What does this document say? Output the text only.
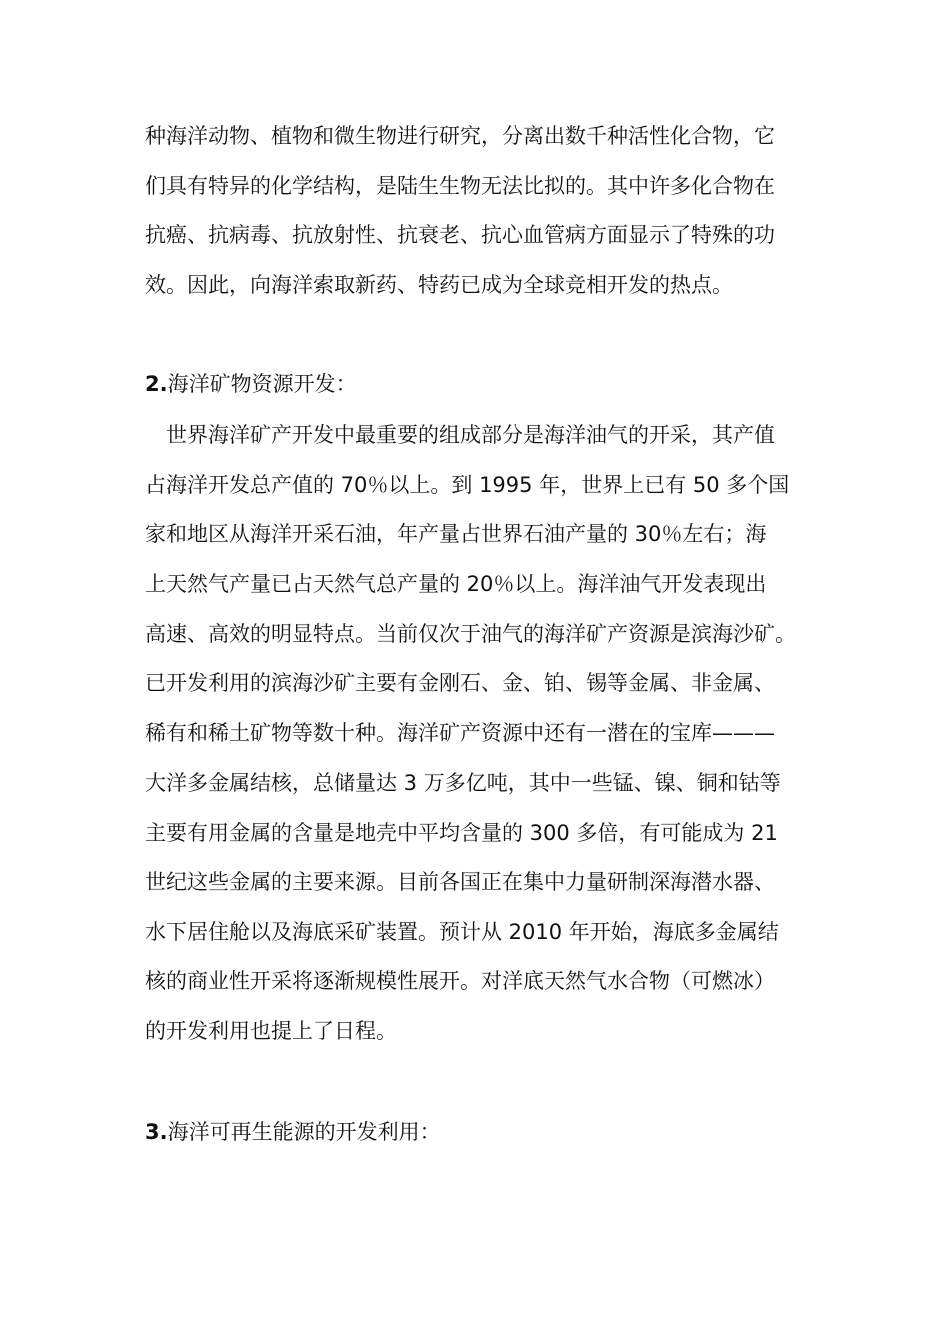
种海洋动物、植物和微生物进行研究，分离出数千种活性化合物，它
们具有特异的化学结构，是陆生生物无法比拟的。其中许多化合物在
抗癌、抗病毒、抗放射性、抗衰老、抗心血管病方面显示了特殊的功
效。因此，向海洋索取新药、特药已成为全球竞相开发的热点。
2.海洋矿物资源开发：
世界海洋矿产开发中最重要的组成部分是海洋油气的开采，其产值
占海洋开发总产值的 70％以上。到 1995 年，世界上已有 50 多个国
家和地区从海洋开采石油，年产量占世界石油产量的 30％左右；海
上天然气产量已占天然气总产量的 20％以上。海洋油气开发表现出
高速、高效的明显特点。当前仅次于油气的海洋矿产资源是滨海沙矿。
已开发利用的滨海沙矿主要有金刚石、金、铂、锡等金属、非金属、
稀有和稀土矿物等数十种。海洋矿产资源中还有一潜在的宝库———
大洋多金属结核，总储量达 3 万多亿吨，其中一些锰、镍、铜和钴等
主要有用金属的含量是地壳中平均含量的 300 多倍，有可能成为 21
世纪这些金属的主要来源。目前各国正在集中力量研制深海潜水器、
水下居住舱以及海底采矿装置。预计从 2010 年开始，海底多金属结
核的商业性开采将逐渐规模性展开。对洋底天然气水合物（可燃冰）
的开发利用也提上了日程。
3.海洋可再生能源的开发利用：
